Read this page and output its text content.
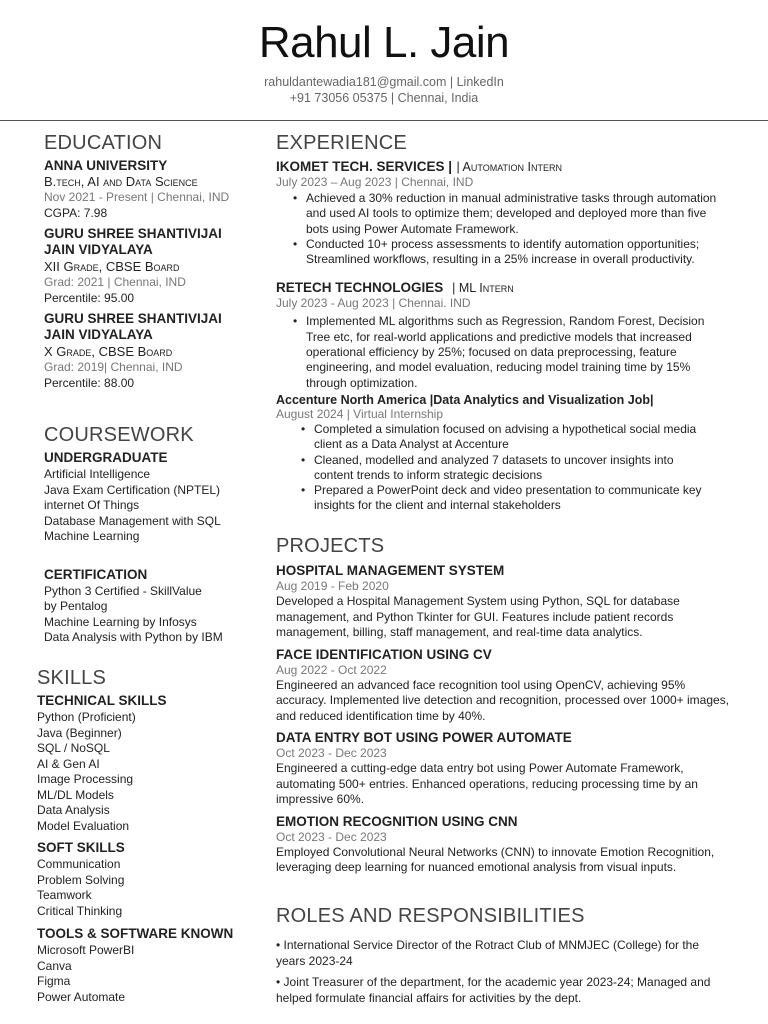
Rahul L. Jain
rahuldantewadia181@gmail.com | LinkedIn
+91 73056 05375 | Chennai, India
EDUCATION
ANNA UNIVERSITY
B.tech, AI and Data Science
Nov 2021 - Present | Chennai, IND
CGPA: 7.98
GURU SHREE SHANTIVIJAI
JAIN VIDYALAYA
XII Grade, CBSE Board
Grad: 2021 | Chennai, IND
Percentile: 95.00
GURU SHREE SHANTIVIJAI
JAIN VIDYALAYA
X Grade, CBSE Board
Grad: 2019| Chennai, IND
Percentile: 88.00
COURSEWORK
UNDERGRADUATE
Artificial Intelligence
Java Exam Certification (NPTEL)
internet Of Things
Database Management with SQL
Machine Learning
CERTIFICATION
Python 3 Certified - SkillValue
by Pentalog
Machine Learning by Infosys
Data Analysis with Python by IBM
SKILLS
TECHNICAL SKILLS
Python (Proficient)
Java (Beginner)
SQL / NoSQL
AI & Gen AI
Image Processing
ML/DL Models
Data Analysis
Model Evaluation
SOFT SKILLS
Communication
Problem Solving
Teamwork
Critical Thinking
TOOLS & SOFTWARE KNOWN
Microsoft PowerBI
Canva
Figma
Power Automate
EXPERIENCE
IKOMET TECH. SERVICES | | Automation Intern
July 2023 – Aug 2023 | Chennai, IND
• Achieved a 30% reduction in manual administrative tasks through automation and used AI tools to optimize them; developed and deployed more than five bots using Power Automate Framework.
• Conducted 10+ process assessments to identify automation opportunities; Streamlined workflows, resulting in a 25% increase in overall productivity.
RETECH TECHNOLOGIES | ML Intern
July 2023 - Aug 2023 | Chennai. IND
• Implemented ML algorithms such as Regression, Random Forest, Decision Tree etc, for real-world applications and predictive models that increased operational efficiency by 25%; focused on data preprocessing, feature engineering, and model evaluation, reducing model training time by 15% through optimization.
Accenture North America |Data Analytics and Visualization Job|
August 2024 | Virtual Internship
• Completed a simulation focused on advising a hypothetical social media client as a Data Analyst at Accenture
• Cleaned, modelled and analyzed 7 datasets to uncover insights into content trends to inform strategic decisions
• Prepared a PowerPoint deck and video presentation to communicate key insights for the client and internal stakeholders
PROJECTS
HOSPITAL MANAGEMENT SYSTEM
Aug 2019 - Feb 2020
Developed a Hospital Management System using Python, SQL for database management, and Python Tkinter for GUI. Features include patient records management, billing, staff management, and real-time data analytics.
FACE IDENTIFICATION USING CV
Aug 2022 - Oct 2022
Engineered an advanced face recognition tool using OpenCV, achieving 95% accuracy. Implemented live detection and recognition, processed over 1000+ images, and reduced identification time by 40%.
DATA ENTRY BOT USING POWER AUTOMATE
Oct 2023 - Dec 2023
Engineered a cutting-edge data entry bot using Power Automate Framework, automating 500+ entries. Enhanced operations, reducing processing time by an impressive 60%.
EMOTION RECOGNITION USING CNN
Oct 2023 - Dec 2023
Employed Convolutional Neural Networks (CNN) to innovate Emotion Recognition, leveraging deep learning for nuanced emotional analysis from visual inputs.
ROLES AND RESPONSIBILITIES
• International Service Director of the Rotract Club of MNMJEC (College) for the years 2023-24
• Joint Treasurer of the department, for the academic year 2023-24; Managed and helped formulate financial affairs for activities by the dept.
